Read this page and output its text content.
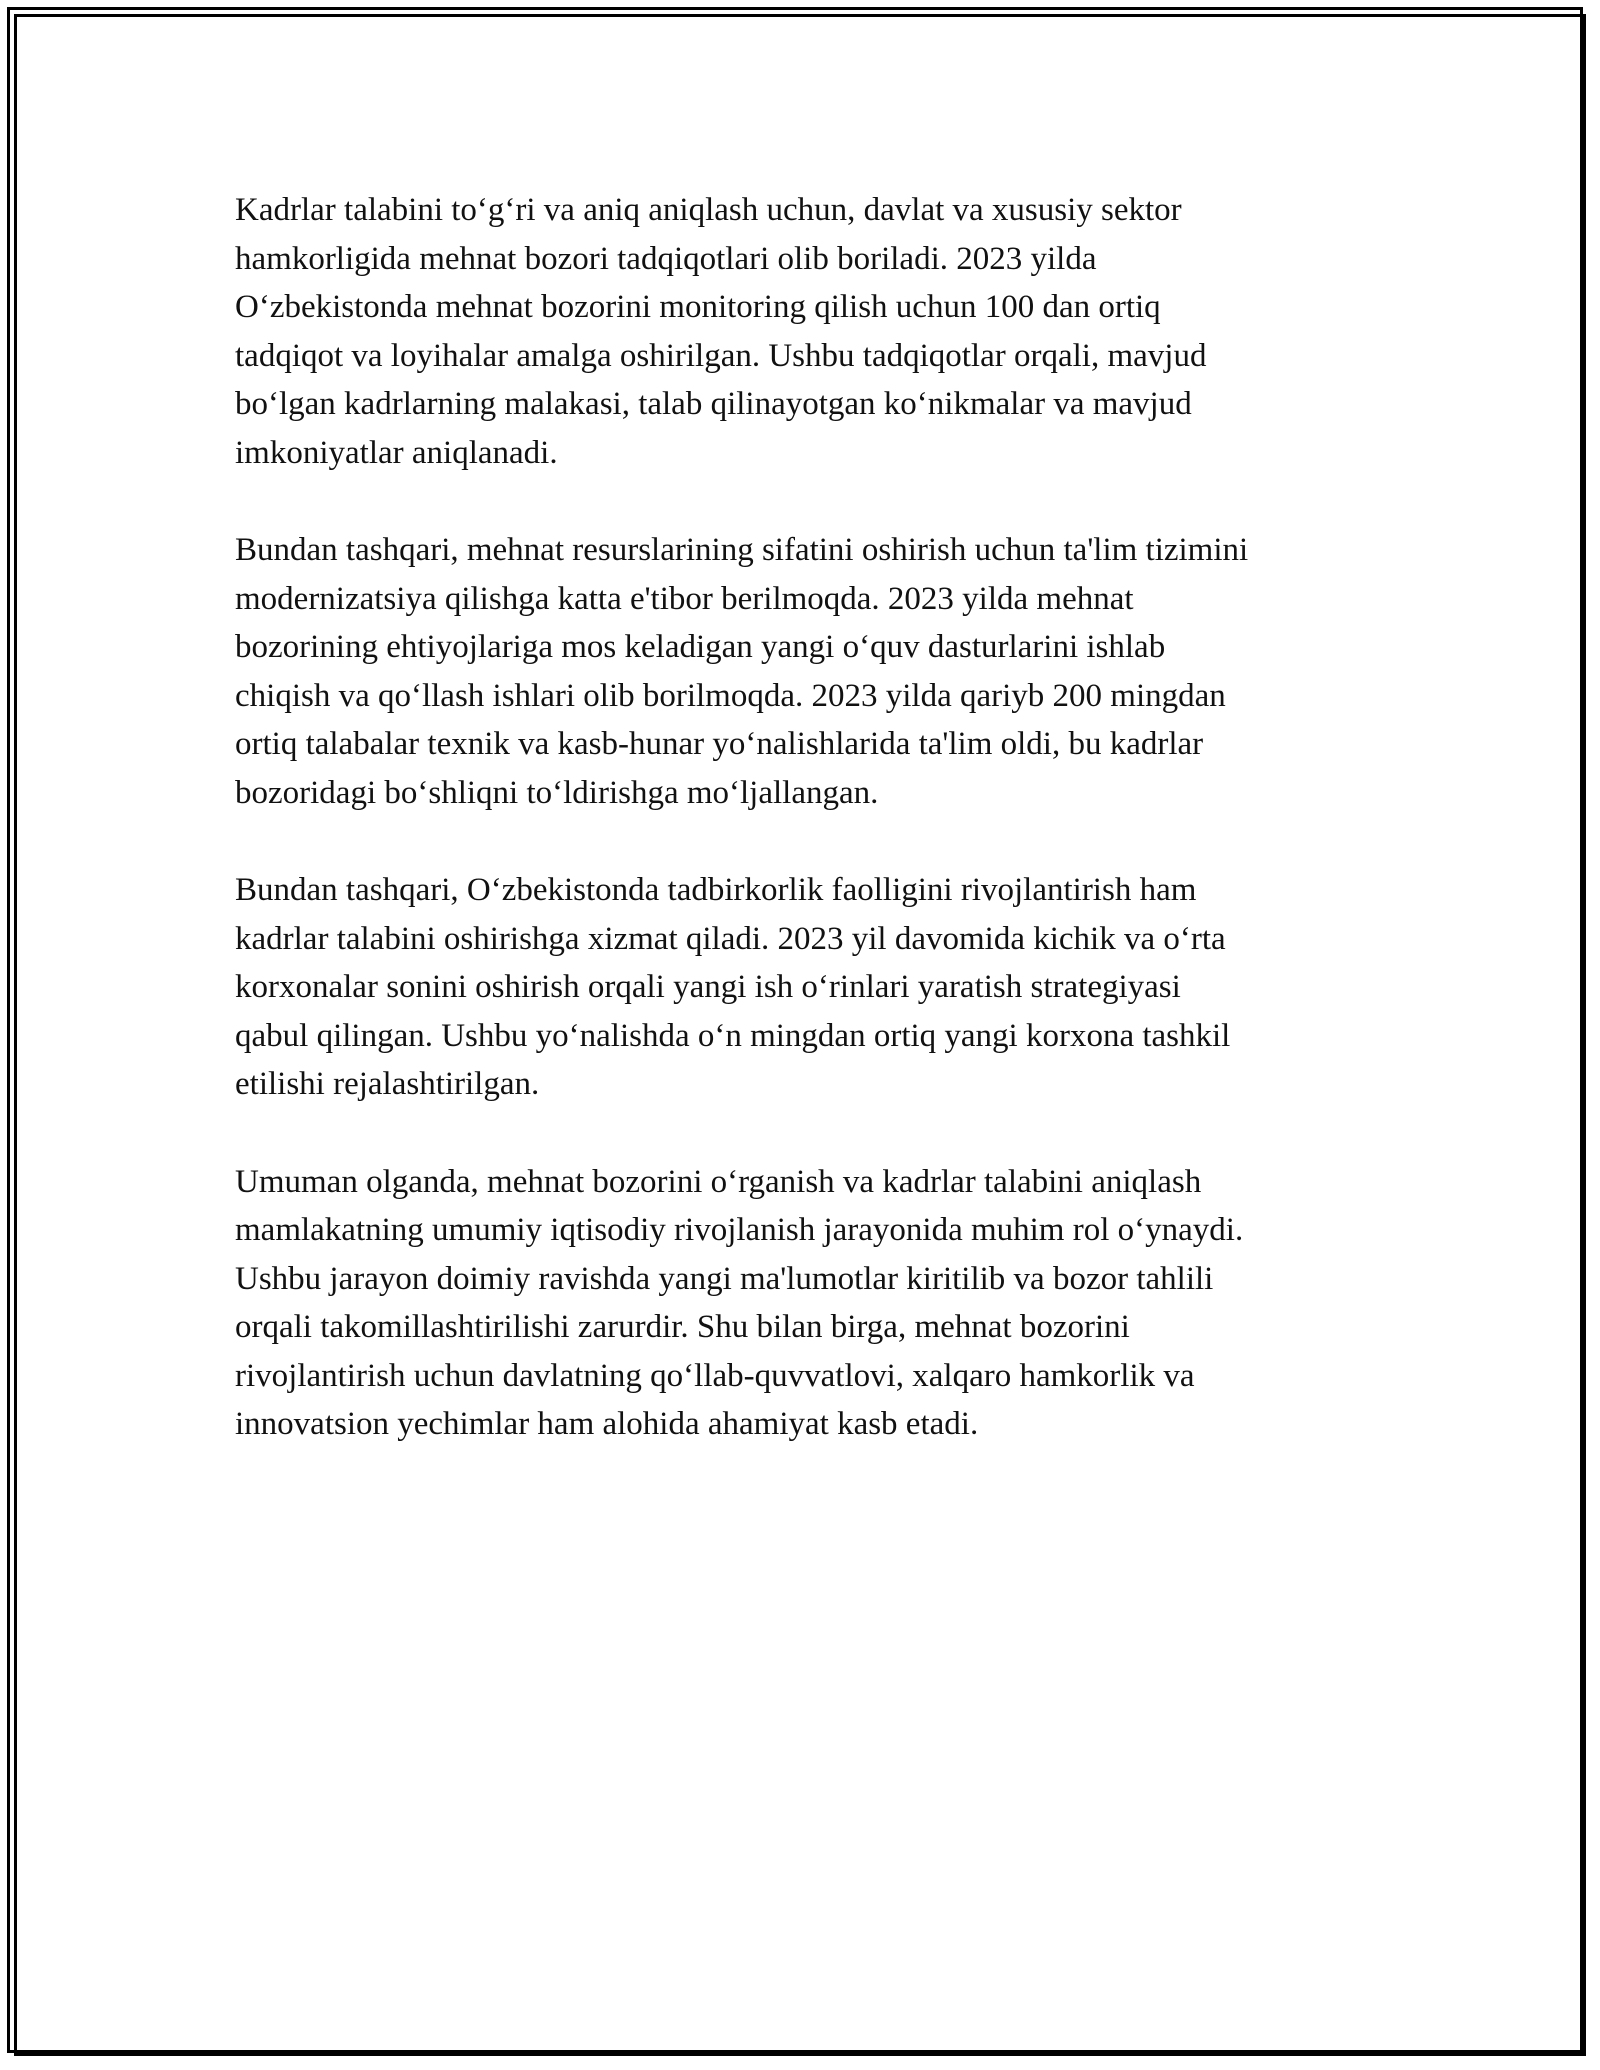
Kadrlar talabini to‘g‘ri va aniq aniqlash uchun, davlat va xususiy sektor
hamkorligida mehnat bozori tadqiqotlari olib boriladi. 2023 yilda
O‘zbekistonda mehnat bozorini monitoring qilish uchun 100 dan ortiq
tadqiqot va loyihalar amalga oshirilgan. Ushbu tadqiqotlar orqali, mavjud
bo‘lgan kadrlarning malakasi, talab qilinayotgan ko‘nikmalar va mavjud
imkoniyatlar aniqlanadi.

Bundan tashqari, mehnat resurslarining sifatini oshirish uchun ta'lim tizimini
modernizatsiya qilishga katta e'tibor berilmoqda. 2023 yilda mehnat
bozorining ehtiyojlariga mos keladigan yangi o‘quv dasturlarini ishlab
chiqish va qo‘llash ishlari olib borilmoqda. 2023 yilda qariyb 200 mingdan
ortiq talabalar texnik va kasb-hunar yo‘nalishlarida ta'lim oldi, bu kadrlar
bozoridagi bo‘shliqni to‘ldirishga mo‘ljallangan.

Bundan tashqari, O‘zbekistonda tadbirkorlik faolligini rivojlantirish ham
kadrlar talabini oshirishga xizmat qiladi. 2023 yil davomida kichik va o‘rta
korxonalar sonini oshirish orqali yangi ish o‘rinlari yaratish strategiyasi
qabul qilingan. Ushbu yo‘nalishda o‘n mingdan ortiq yangi korxona tashkil
etilishi rejalashtirilgan.

Umuman olganda, mehnat bozorini o‘rganish va kadrlar talabini aniqlash
mamlakatning umumiy iqtisodiy rivojlanish jarayonida muhim rol o‘ynaydi.
Ushbu jarayon doimiy ravishda yangi ma'lumotlar kiritilib va bozor tahlili
orqali takomillashtirilishi zarurdir. Shu bilan birga, mehnat bozorini
rivojlantirish uchun davlatning qo‘llab-quvvatlovi, xalqaro hamkorlik va
innovatsion yechimlar ham alohida ahamiyat kasb etadi.
